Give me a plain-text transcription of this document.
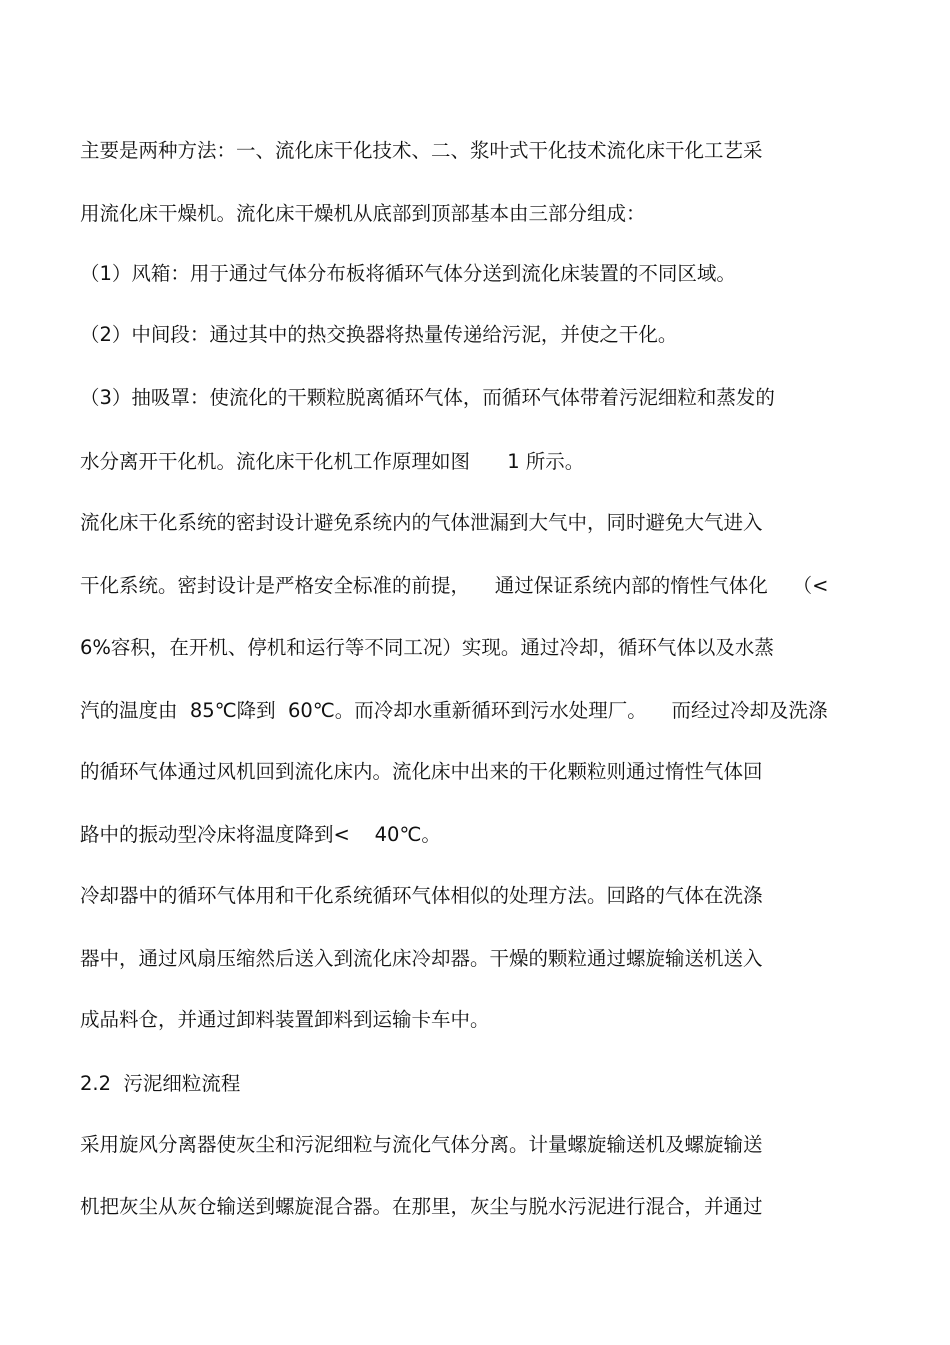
主要是两种方法：一、流化床干化技术、二、浆叶式干化技术流化床干化工艺采
用流化床干燥机。流化床干燥机从底部到顶部基本由三部分组成：
（1）风箱：用于通过气体分布板将循环气体分送到流化床装置的不同区域。
（2）中间段：通过其中的热交换器将热量传递给污泥，并使之干化。
（3）抽吸罩：使流化的干颗粒脱离循环气体，而循环气体带着污泥细粒和蒸发的
水分离开干化机。流化床干化机工作原理如图      1 所示。
流化床干化系统的密封设计避免系统内的气体泄漏到大气中，同时避免大气进入
干化系统。密封设计是严格安全标准的前提，    通过保证系统内部的惰性气体化    （<
6%容积，在开机、停机和运行等不同工况）实现。通过冷却，循环气体以及水蒸
汽的温度由  85℃降到  60℃。而冷却水重新循环到污水处理厂。    而经过冷却及洗涤
的循环气体通过风机回到流化床内。流化床中出来的干化颗粒则通过惰性气体回
路中的振动型冷床将温度降到<    40℃。
冷却器中的循环气体用和干化系统循环气体相似的处理方法。回路的气体在洗涤
器中，通过风扇压缩然后送入到流化床冷却器。干燥的颗粒通过螺旋输送机送入
成品料仓，并通过卸料装置卸料到运输卡车中。
2.2  污泥细粒流程
采用旋风分离器使灰尘和污泥细粒与流化气体分离。计量螺旋输送机及螺旋输送
机把灰尘从灰仓输送到螺旋混合器。在那里，灰尘与脱水污泥进行混合，并通过
